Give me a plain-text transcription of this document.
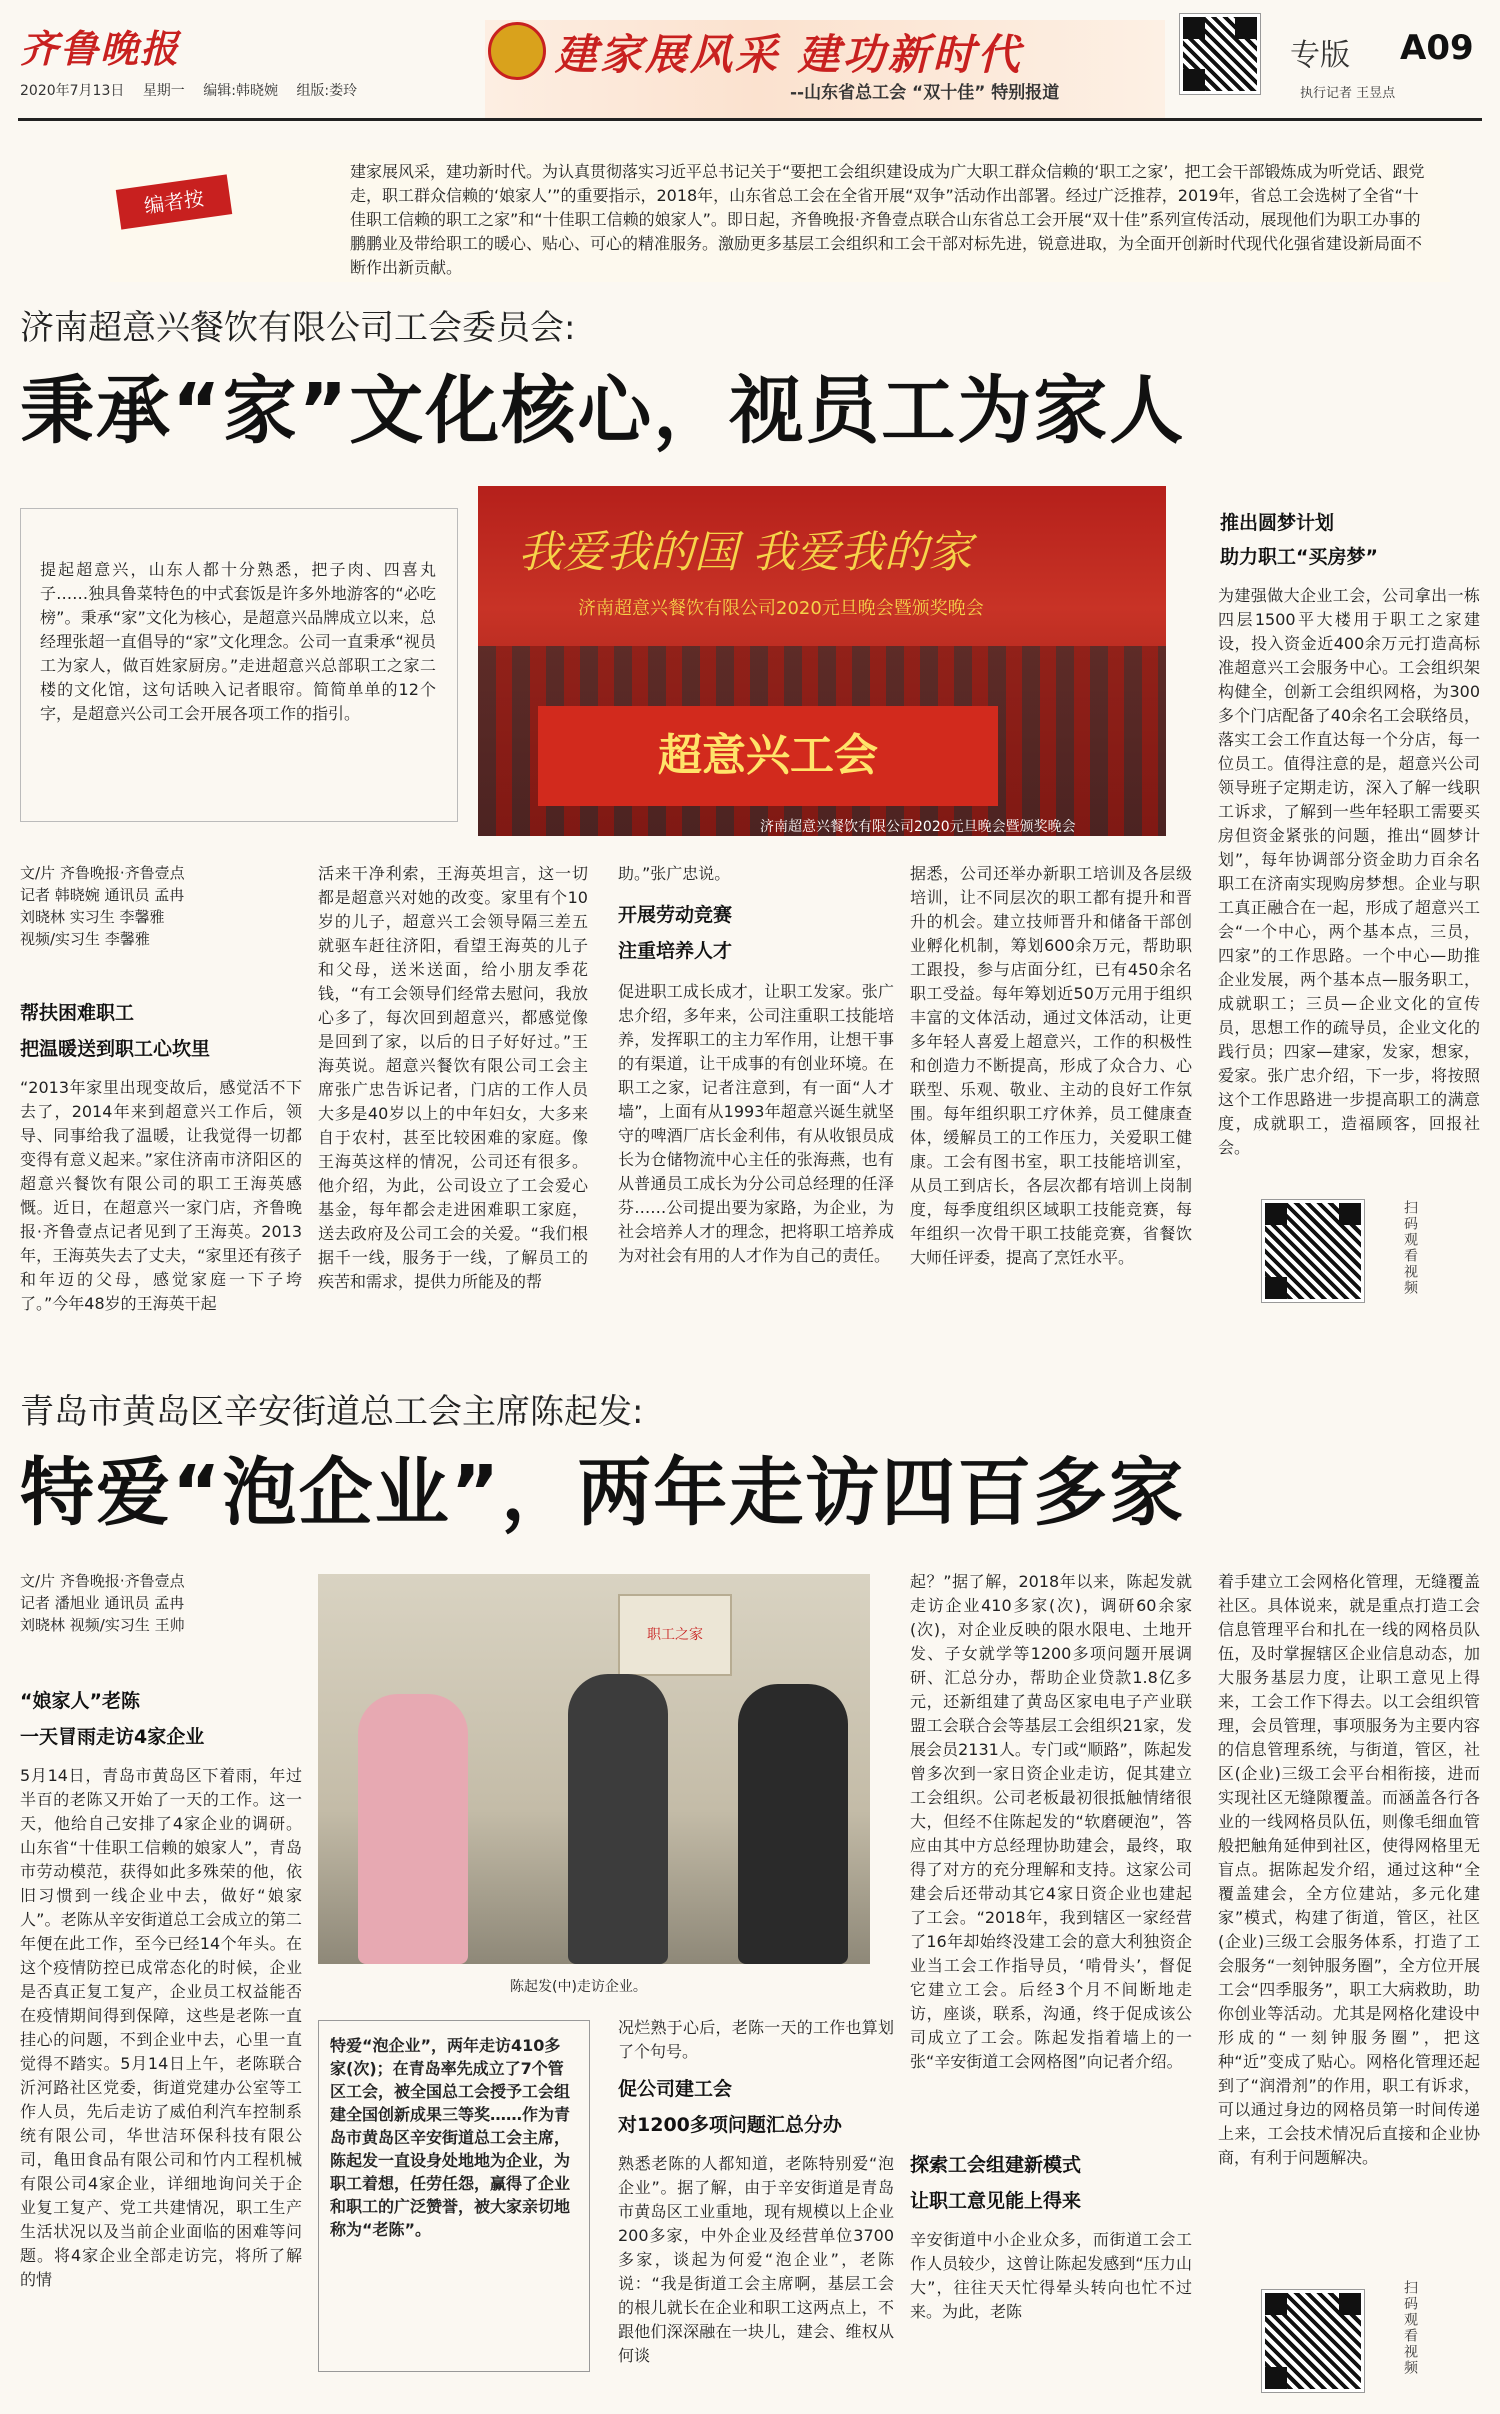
齐鲁晚报
2020年7月13日 星期一 编辑:韩晓婉 组版:娄玲
建家展风采 建功新时代
--山东省总工会 “双十佳” 特别报道
专版 A09
执行记者 王昱点
编者按
建家展风采，建功新时代。为认真贯彻落实习近平总书记关于“要把工会组织建设成为广大职工群众信赖的‘职工之家’，把工会干部锻炼成为听党话、跟党走，职工群众信赖的‘娘家人’”的重要指示，2018年，山东省总工会在全省开展“双争”活动作出部署。经过广泛推荐，2019年，省总工会选树了全省“十佳职工信赖的职工之家”和“十佳职工信赖的娘家人”。即日起，齐鲁晚报·齐鲁壹点联合山东省总工会开展“双十佳”系列宣传活动，展现他们为职工办事的鹏鹏业及带给职工的暖心、贴心、可心的精准服务。激励更多基层工会组织和工会干部对标先进，锐意进取，为全面开创新时代现代化强省建设新局面不断作出新贡献。
济南超意兴餐饮有限公司工会委员会:
秉承“家”文化核心，视员工为家人
提起超意兴，山东人都十分熟悉，把子肉、四喜丸子……独具鲁菜特色的中式套饭是许多外地游客的“必吃榜”。秉承“家”文化为核心，是超意兴品牌成立以来，总经理张超一直倡导的“家”文化理念。公司一直秉承“视员工为家人，做百姓家厨房。”走进超意兴总部职工之家二楼的文化馆，这句话映入记者眼帘。简简单单的12个字，是超意兴公司工会开展各项工作的指引。
我爱我的国 我爱我的家
济南超意兴餐饮有限公司2020元旦晚会暨颁奖晚会
超意兴工会
济南超意兴餐饮有限公司2020元旦晚会暨颁奖晚会
推出圆梦计划
助力职工“买房梦”
为建强做大企业工会，公司拿出一栋四层1500平大楼用于职工之家建设，投入资金近400余万元打造高标准超意兴工会服务中心。工会组织架构健全，创新工会组织网格，为300多个门店配备了40余名工会联络员，落实工会工作直达每一个分店，每一位员工。值得注意的是，超意兴公司领导班子定期走访，深入了解一线职工诉求，了解到一些年轻职工需要买房但资金紧张的问题，推出“圆梦计划”，每年协调部分资金助力百余名职工在济南实现购房梦想。企业与职工真正融合在一起，形成了超意兴工会“一个中心，两个基本点，三员，四家”的工作思路。一个中心—助推企业发展，两个基本点—服务职工，成就职工；三员—企业文化的宣传员，思想工作的疏导员，企业文化的践行员；四家—建家，发家，想家，爱家。张广忠介绍，下一步，将按照这个工作思路进一步提高职工的满意度，成就职工，造福顾客，回报社会。
扫码观看视频
文/片 齐鲁晚报·齐鲁壹点
记者 韩晓婉 通讯员 孟冉
刘晓林 实习生 李馨雅
视频/实习生 李馨雅
帮扶困难职工
把温暖送到职工心坎里
“2013年家里出现变故后，感觉活不下去了，2014年来到超意兴工作后，领导、同事给我了温暖，让我觉得一切都变得有意义起来。”家住济南市济阳区的超意兴餐饮有限公司的职工王海英感慨。近日，在超意兴一家门店，齐鲁晚报·齐鲁壹点记者见到了王海英。2013年，王海英失去了丈夫，“家里还有孩子和年迈的父母，感觉家庭一下子垮了。”今年48岁的王海英干起
活来干净利索，王海英坦言，这一切都是超意兴对她的改变。家里有个10岁的儿子，超意兴工会领导隔三差五就驱车赶往济阳，看望王海英的儿子和父母，送米送面，给小朋友季花钱，“有工会领导们经常去慰问，我放心多了，每次回到超意兴，都感觉像是回到了家，以后的日子好好过。”王海英说。超意兴餐饮有限公司工会主席张广忠告诉记者，门店的工作人员大多是40岁以上的中年妇女，大多来自于农村，甚至比较困难的家庭。像王海英这样的情况，公司还有很多。他介绍，为此，公司设立了工会爱心基金，每年都会走进困难职工家庭，送去政府及公司工会的关爱。“我们根据千一线，服务于一线，了解员工的疾苦和需求，提供力所能及的帮
助。”张广忠说。
开展劳动竞赛
注重培养人才
促进职工成长成才，让职工发家。张广忠介绍，多年来，公司注重职工技能培养，发挥职工的主力军作用，让想干事的有渠道，让干成事的有创业环境。在职工之家，记者注意到，有一面“人才墙”，上面有从1993年超意兴诞生就坚守的啤酒厂店长金利伟，有从收银员成长为仓储物流中心主任的张海燕，也有从普通员工成长为分公司总经理的任泽芬……公司提出要为家路，为企业，为社会培养人才的理念，把将职工培养成为对社会有用的人才作为自己的责任。
据悉，公司还举办新职工培训及各层级培训，让不同层次的职工都有提升和晋升的机会。建立技师晋升和储备干部创业孵化机制，筹划600余万元，帮助职工跟投，参与店面分红，已有450余名职工受益。每年筹划近50万元用于组织丰富的文体活动，通过文体活动，让更多年轻人喜爱上超意兴，工作的积极性和创造力不断提高，形成了众合力、心联型、乐观、敬业、主动的良好工作氛围。每年组织职工疗休养，员工健康查体，缓解员工的工作压力，关爱职工健康。工会有图书室，职工技能培训室，从员工到店长，各层次都有培训上岗制度，每季度组织区域职工技能竞赛，每年组织一次骨干职工技能竞赛，省餐饮大师任评委，提高了烹饪水平。
青岛市黄岛区辛安街道总工会主席陈起发:
特爱“泡企业”，两年走访四百多家
文/片 齐鲁晚报·齐鲁壹点
记者 潘旭业 通讯员 孟冉
刘晓林 视频/实习生 王帅
“娘家人”老陈
一天冒雨走访4家企业
5月14日，青岛市黄岛区下着雨，年过半百的老陈又开始了一天的工作。这一天，他给自己安排了4家企业的调研。山东省“十佳职工信赖的娘家人”，青岛市劳动模范，获得如此多殊荣的他，依旧习惯到一线企业中去，做好“娘家人”。老陈从辛安街道总工会成立的第二年便在此工作，至今已经14个年头。在这个疫情防控已成常态化的时候，企业是否真正复工复产，企业员工权益能否在疫情期间得到保障，这些是老陈一直挂心的问题，不到企业中去，心里一直觉得不踏实。5月14日上午，老陈联合沂河路社区党委，街道党建办公室等工作人员，先后走访了威伯利汽车控制系统有限公司，华世洁环保科技有限公司，亀田食品有限公司和竹内工程机械有限公司4家企业，详细地询问关于企业复工复产、党工共建情况，职工生产生活状况以及当前企业面临的困难等问题。将4家企业全部走访完，将所了解的情
职工之家
陈起发(中)走访企业。
特爱“泡企业”，两年走访410多家(次)；在青岛率先成立了7个管区工会，被全国总工会授予工会组建全国创新成果三等奖……作为青岛市黄岛区辛安街道总工会主席，陈起发一直设身处地地为企业，为职工着想，任劳任怨，赢得了企业和职工的广泛赞誉，被大家亲切地称为“老陈”。
况烂熟于心后，老陈一天的工作也算划了个句号。
促公司建工会
对1200多项问题汇总分办
熟悉老陈的人都知道，老陈特别爱“泡企业”。据了解，由于辛安街道是青岛市黄岛区工业重地，现有规模以上企业200多家，中外企业及经营单位3700多家，谈起为何爱“泡企业”，老陈说：“我是街道工会主席啊，基层工会的根儿就长在企业和职工这两点上，不跟他们深深融在一块儿，建会、维权从何谈
起？”据了解，2018年以来，陈起发就走访企业410多家(次)，调研60余家(次)，对企业反映的限水限电、土地开发、子女就学等1200多项问题开展调研、汇总分办，帮助企业贷款1.8亿多元，还新组建了黄岛区家电电子产业联盟工会联合会等基层工会组织21家，发展会员2131人。专门或“顺路”，陈起发曾多次到一家日资企业走访，促其建立工会组织。公司老板最初很抵触情绪很大，但经不住陈起发的“软磨硬泡”，答应由其中方总经理协助建会，最终，取得了对方的充分理解和支持。这家公司建会后还带动其它4家日资企业也建起了工会。“2018年，我到辖区一家经营了16年却始终没建工会的意大利独资企业当工会工作指导员，‘啃骨头’，督促它建立工会。后经3个月不间断地走访，座谈，联系，沟通，终于促成该公司成立了工会。陈起发指着墙上的一张“辛安街道工会网格图”向记者介绍。
探索工会组建新模式
让职工意见能上得来
辛安街道中小企业众多，而街道工会工作人员较少，这曾让陈起发感到“压力山大”，往往天天忙得晕头转向也忙不过来。为此，老陈
着手建立工会网格化管理，无缝覆盖社区。具体说来，就是重点打造工会信息管理平台和扎在一线的网格员队伍，及时掌握辖区企业信息动态，加大服务基层力度，让职工意见上得来，工会工作下得去。以工会组织管理，会员管理，事项服务为主要内容的信息管理系统，与街道，管区，社区(企业)三级工会平台相衔接，进而实现社区无缝隙覆盖。而涵盖各行各业的一线网格员队伍，则像毛细血管般把触角延伸到社区，使得网格里无盲点。据陈起发介绍，通过这种“全覆盖建会，全方位建站，多元化建家”模式，构建了街道，管区，社区(企业)三级工会服务体系，打造了工会服务“一刻钟服务圈”，全方位开展工会“四季服务”，职工大病救助，助你创业等活动。尤其是网格化建设中形成的“一刻钟服务圈”，把这种“近”变成了贴心。网格化管理还起到了“润滑剂”的作用，职工有诉求，可以通过身边的网格员第一时间传递上来，工会技术情况后直接和企业协商，有利于问题解决。
扫码观看视频
